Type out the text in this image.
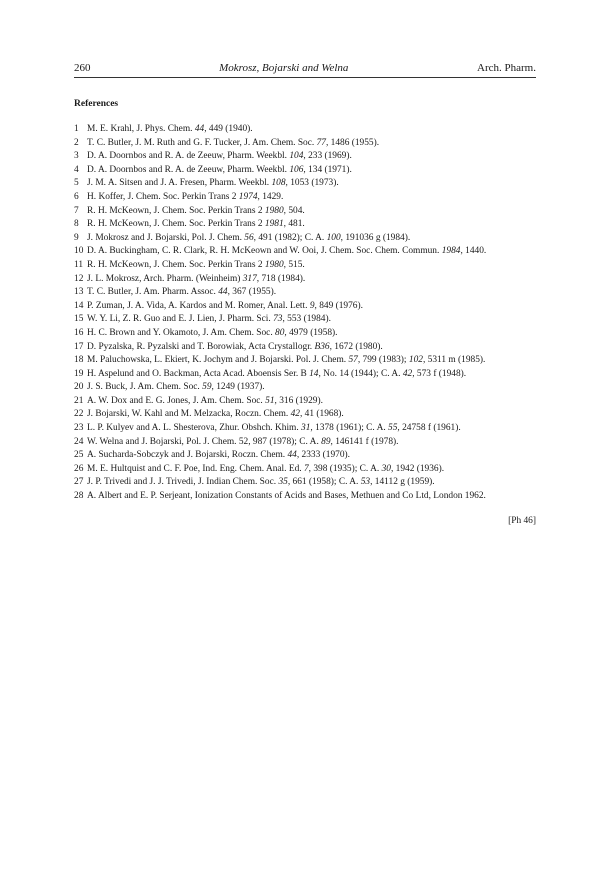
260	Mokrosz, Bojarski and Welna	Arch. Pharm.
References
1 M. E. Krahl, J. Phys. Chem. 44, 449 (1940).
2 T. C. Butler, J. M. Ruth and G. F. Tucker, J. Am. Chem. Soc. 77, 1486 (1955).
3 D. A. Doornbos and R. A. de Zeeuw, Pharm. Weekbl. 104, 233 (1969).
4 D. A. Doornbos and R. A. de Zeeuw, Pharm. Weekbl. 106, 134 (1971).
5 J. M. A. Sitsen and J. A. Fresen, Pharm. Weekbl. 108, 1053 (1973).
6 H. Koffer, J. Chem. Soc. Perkin Trans 2 1974, 1429.
7 R. H. McKeown, J. Chem. Soc. Perkin Trans 2 1980, 504.
8 R. H. McKeown, J. Chem. Soc. Perkin Trans 2 1981, 481.
9 J. Mokrosz and J. Bojarski, Pol. J. Chem. 56, 491 (1982); C. A. 100, 191036 g (1984).
10 D. A. Buckingham, C. R. Clark, R. H. McKeown and W. Ooi, J. Chem. Soc. Chem. Commun. 1984, 1440.
11 R. H. McKeown, J. Chem. Soc. Perkin Trans 2 1980, 515.
12 J. L. Mokrosz, Arch. Pharm. (Weinheim) 317, 718 (1984).
13 T. C. Butler, J. Am. Pharm. Assoc. 44, 367 (1955).
14 P. Zuman, J. A. Vida, A. Kardos and M. Romer, Anal. Lett. 9, 849 (1976).
15 W. Y. Li, Z. R. Guo and E. J. Lien, J. Pharm. Sci. 73, 553 (1984).
16 H. C. Brown and Y. Okamoto, J. Am. Chem. Soc. 80, 4979 (1958).
17 D. Pyzalska, R. Pyzalski and T. Borowiak, Acta Crystallogr. B36, 1672 (1980).
18 M. Paluchowska, L. Ekiert, K. Jochym and J. Bojarski. Pol. J. Chem. 57, 799 (1983); 102, 5311 m (1985).
19 H. Aspelund and O. Backman, Acta Acad. Aboensis Ser. B 14, No. 14 (1944); C. A. 42, 573 f (1948).
20 J. S. Buck, J. Am. Chem. Soc. 59, 1249 (1937).
21 A. W. Dox and E. G. Jones, J. Am. Chem. Soc. 51, 316 (1929).
22 J. Bojarski, W. Kahl and M. Melzacka, Roczn. Chem. 42, 41 (1968).
23 L. P. Kulyev and A. L. Shesterova, Zhur. Obshch. Khim. 31, 1378 (1961); C. A. 55, 24758 f (1961).
24 W. Welna and J. Bojarski, Pol. J. Chem. 52, 987 (1978); C. A. 89, 146141 f (1978).
25 A. Sucharda-Sobczyk and J. Bojarski, Roczn. Chem. 44, 2333 (1970).
26 M. E. Hultquist and C. F. Poe, Ind. Eng. Chem. Anal. Ed. 7, 398 (1935); C. A. 30, 1942 (1936).
27 J. P. Trivedi and J. J. Trivedi, J. Indian Chem. Soc. 35, 661 (1958); C. A. 53, 14112 g (1959).
28 A. Albert and E. P. Serjeant, Ionization Constants of Acids and Bases, Methuen and Co Ltd, London 1962.
[Ph 46]
